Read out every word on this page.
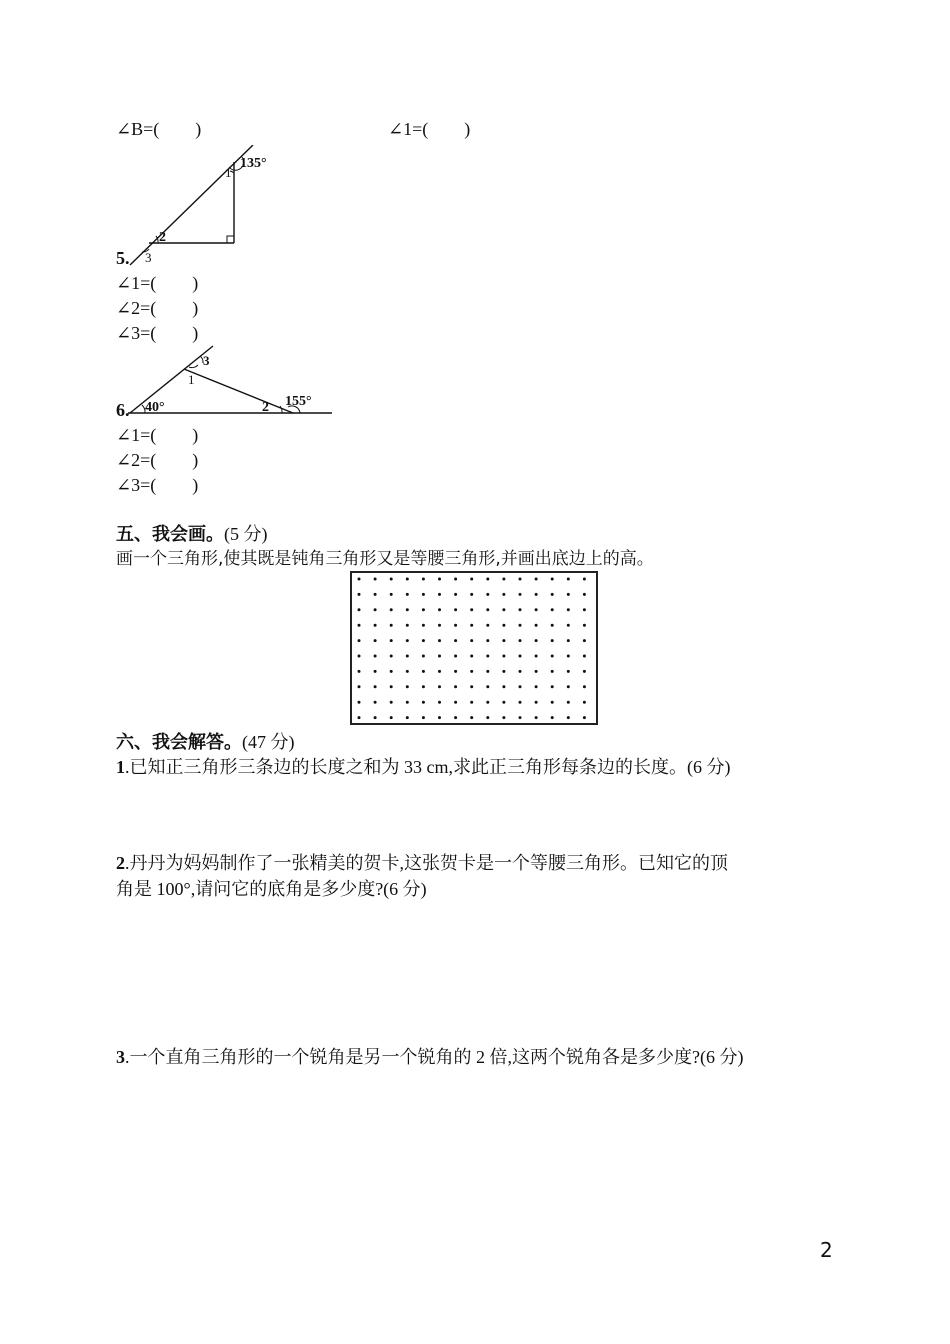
∠B=(　　)	∠1=(　　)
135°
1
2
3
5.
∠1=(　　)
∠2=(　　)
∠3=(　　)
40°	155°
1
2
3
6.
∠1=(　　)
∠2=(　　)
∠3=(　　)
五、我会画。(5 分)
画一个三角形,使其既是钝角三角形又是等腰三角形,并画出底边上的高。
六、我会解答。(47 分)
1.已知正三角形三条边的长度之和为 33 cm,求此正三角形每条边的长度。(6 分)
2.丹丹为妈妈制作了一张精美的贺卡,这张贺卡是一个等腰三角形。已知它的顶
角是 100°,请问它的底角是多少度?(6 分)
3.一个直角三角形的一个锐角是另一个锐角的 2 倍,这两个锐角各是多少度?(6 分)
2
